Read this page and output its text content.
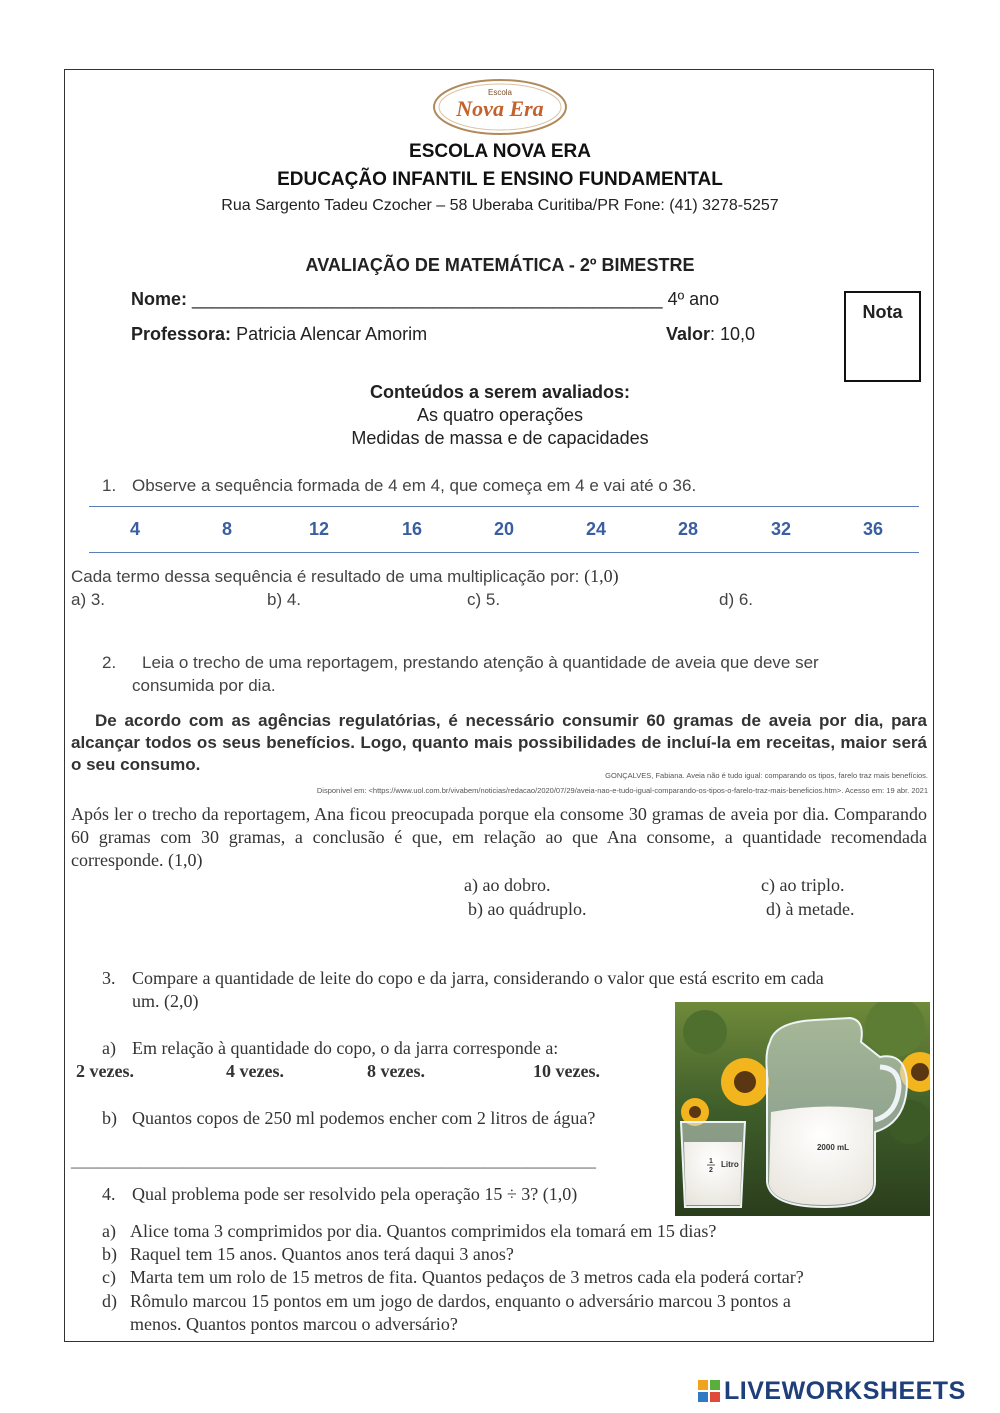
Escola
Nova Era
ESCOLA NOVA ERA
EDUCAÇÃO INFANTIL E ENSINO FUNDAMENTAL
Rua Sargento Tadeu Czocher – 58 Uberaba Curitiba/PR Fone: (41) 3278-5257
AVALIAÇÃO DE MATEMÁTICA - 2º BIMESTRE
Nome: _______________________________________________ 4º ano
Professora: Patricia Alencar Amorim	Valor: 10,0
Nota
Conteúdos a serem avaliados:
As quatro operações
Medidas de massa e de capacidades
1. Observe a sequência formada de 4 em 4, que começa em 4 e vai até o 36.
4	8	12	16	20	24	28	32	36
Cada termo dessa sequência é resultado de uma multiplicação por: (1,0)
a) 3.	b) 4.	c) 5.	d) 6.
2. Leia o trecho de uma reportagem, prestando atenção à quantidade de aveia que deve ser
consumida por dia.
De acordo com as agências regulatórias, é necessário consumir 60 gramas de aveia por dia, para alcançar todos os seus benefícios. Logo, quanto mais possibilidades de incluí-la em receitas, maior será o seu consumo.
GONÇALVES, Fabiana. Aveia não é tudo igual: comparando os tipos, farelo traz mais benefícios.
Disponível em: <https://www.uol.com.br/vivabem/noticias/redacao/2020/07/29/aveia-nao-e-tudo-igual-comparando-os-tipos-o-farelo-traz-mais-beneficios.htm>. Acesso em: 19 abr. 2021
Após ler o trecho da reportagem, Ana ficou preocupada porque ela consome 30 gramas de aveia por dia. Comparando 60 gramas com 30 gramas, a conclusão é que, em relação ao que Ana consome, a quantidade recomendada corresponde. (1,0)
a) ao dobro.	c) ao triplo.
b) ao quádruplo.	d) à metade.
3. Compare a quantidade de leite do copo e da jarra, considerando o valor que está escrito em cada
um. (2,0)
a) Em relação à quantidade do copo, o da jarra corresponde a:
2 vezes.	4 vezes.	8 vezes.	10 vezes.
b) Quantos copos de 250 ml podemos encher com 2 litros de água?
_____________________________________________________________	Litro
1
2
2000 mL
4. Qual problema pode ser resolvido pela operação 15 ÷ 3? (1,0)
a) Alice toma 3 comprimidos por dia. Quantos comprimidos ela tomará em 15 dias?
b) Raquel tem 15 anos. Quantos anos terá daqui 3 anos?
c) Marta tem um rolo de 15 metros de fita. Quantos pedaços de 3 metros cada ela poderá cortar?
d) Rômulo marcou 15 pontos em um jogo de dardos, enquanto o adversário marcou 3 pontos a
menos. Quantos pontos marcou o adversário?
LIVEWORKSHEETS
